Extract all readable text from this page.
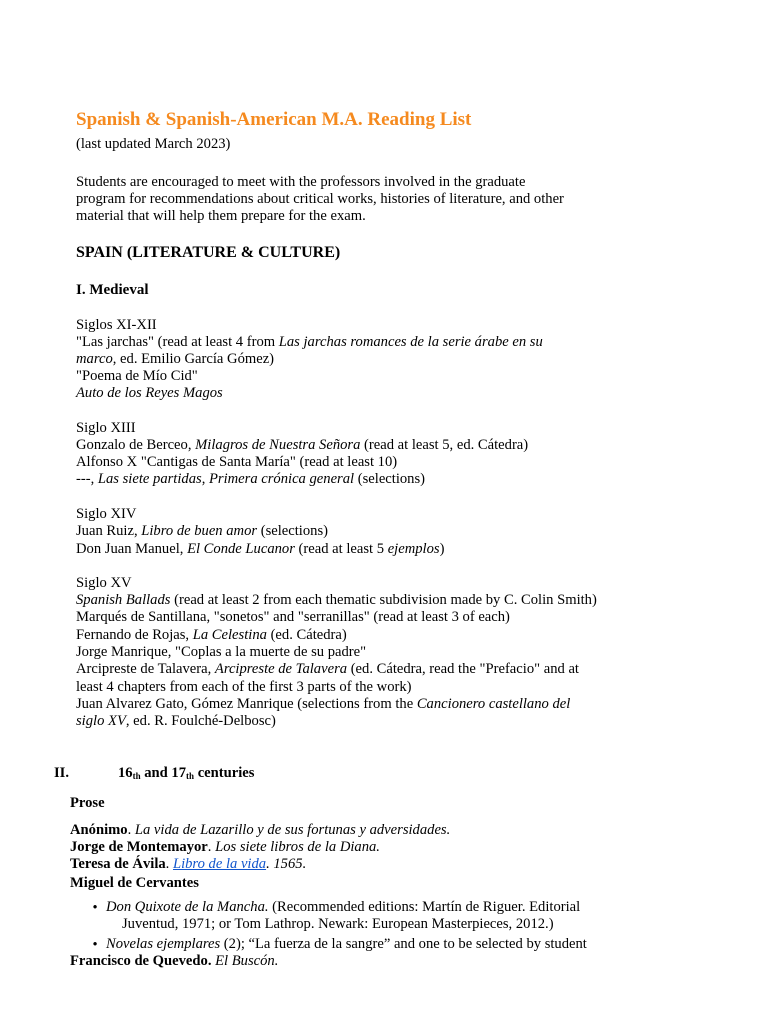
Spanish & Spanish-American M.A. Reading List
(last updated March 2023)
Students are encouraged to meet with the professors involved in the graduate
program for recommendations about critical works, histories of literature, and other
material that will help them prepare for the exam.
SPAIN (LITERATURE & CULTURE)
I. Medieval
Siglos XI-XII
"Las jarchas" (read at least 4 from Las jarchas romances de la serie árabe en su
marco, ed. Emilio García Gómez)
"Poema de Mío Cid"
Auto de los Reyes Magos
Siglo XIII
Gonzalo de Berceo, Milagros de Nuestra Señora (read at least 5, ed. Cátedra)
Alfonso X "Cantigas de Santa María" (read at least 10)
---, Las siete partidas, Primera crónica general (selections)
Siglo XIV
Juan Ruiz, Libro de buen amor (selections)
Don Juan Manuel, El Conde Lucanor (read at least 5 ejemplos)
Siglo XV
Spanish Ballads (read at least 2 from each thematic subdivision made by C. Colin Smith)
Marqués de Santillana, "sonetos" and "serranillas" (read at least 3 of each)
Fernando de Rojas, La Celestina (ed. Cátedra)
Jorge Manrique, "Coplas a la muerte de su padre"
Arcipreste de Talavera, Arcipreste de Talavera (ed. Cátedra, read the "Prefacio" and at
least 4 chapters from each of the first 3 parts of the work)
Juan Alvarez Gato, Gómez Manrique (selections from the Cancionero castellano del
siglo XV, ed. R. Foulché-Delbosc)
II.	$16_{th}$ and $17_{th}$ centuries
Prose
Anónimo. La vida de Lazarillo y de sus fortunas y adversidades.
Jorge de Montemayor. Los siete libros de la Diana.
Teresa de Ávila. Libro de la vida. 1565.
Miguel de Cervantes
• Don Quixote de la Mancha. (Recommended editions: Martín de Riguer. Editorial
Juventud, 1971; or Tom Lathrop. Newark: European Masterpieces, 2012.)
• Novelas ejemplares (2); “La fuerza de la sangre” and one to be selected by student
Francisco de Quevedo. El Buscón.
